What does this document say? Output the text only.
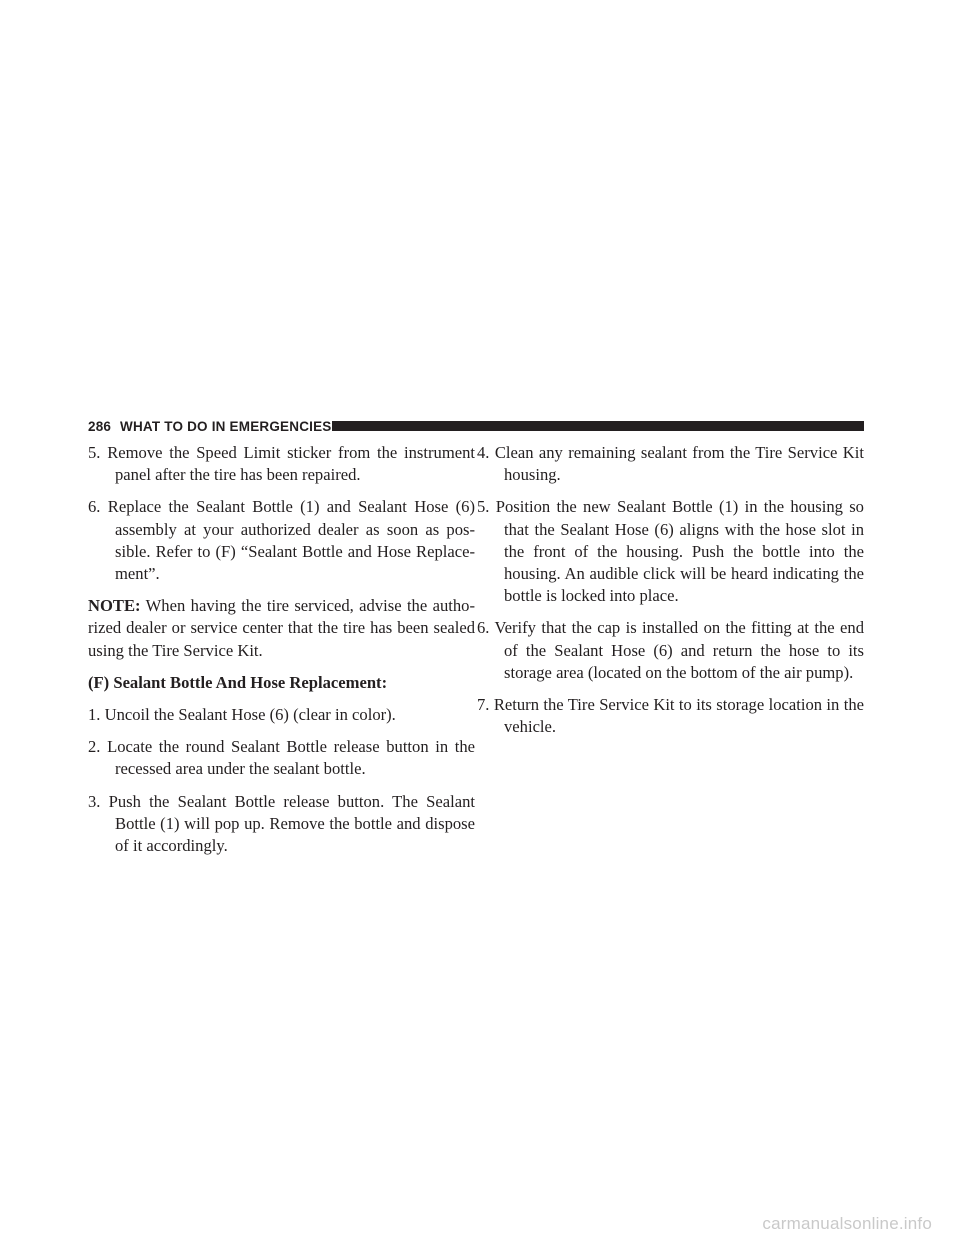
286 WHAT TO DO IN EMERGENCIES

5. Remove the Speed Limit sticker from the instrument panel after the tire has been repaired.

6. Replace the Sealant Bottle (1) and Sealant Hose (6) assembly at your authorized dealer as soon as pos-sible. Refer to (F) “Sealant Bottle and Hose Replace-ment”.

NOTE: When having the tire serviced, advise the autho-rized dealer or service center that the tire has been sealed using the Tire Service Kit.

(F) Sealant Bottle And Hose Replacement:

1. Uncoil the Sealant Hose (6) (clear in color).

2. Locate the round Sealant Bottle release button in the recessed area under the sealant bottle.

3. Push the Sealant Bottle release button. The Sealant Bottle (1) will pop up. Remove the bottle and dispose of it accordingly.

4. Clean any remaining sealant from the Tire Service Kit housing.

5. Position the new Sealant Bottle (1) in the housing so that the Sealant Hose (6) aligns with the hose slot in the front of the housing. Push the bottle into the housing. An audible click will be heard indicating the bottle is locked into place.

6. Verify that the cap is installed on the fitting at the end of the Sealant Hose (6) and return the hose to its storage area (located on the bottom of the air pump).

7. Return the Tire Service Kit to its storage location in the vehicle.

carmanualsonline.info
